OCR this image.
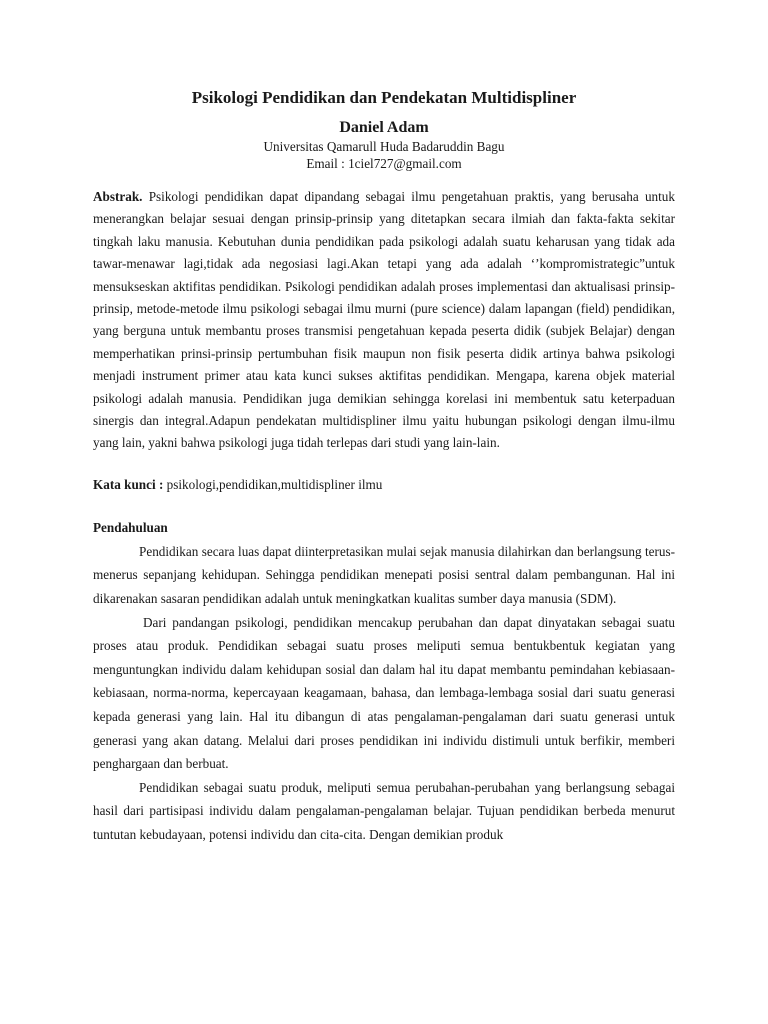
Psikologi Pendidikan dan Pendekatan Multidispliner
Daniel Adam
Universitas Qamarull Huda Badaruddin Bagu
Email : 1ciel727@gmail.com
Abstrak. Psikologi pendidikan dapat dipandang sebagai ilmu pengetahuan praktis, yang berusaha untuk menerangkan belajar sesuai dengan prinsip-prinsip yang ditetapkan secara ilmiah dan fakta-fakta sekitar tingkah laku manusia. Kebutuhan dunia pendidikan pada psikologi adalah suatu keharusan yang tidak ada tawar-menawar lagi,tidak ada negosiasi lagi.Akan tetapi yang ada adalah ‘’kompromistrategic”untuk mensukseskan aktifitas pendidikan. Psikologi pendidikan adalah proses implementasi dan aktualisasi prinsip-prinsip, metode-metode ilmu psikologi sebagai ilmu murni (pure science) dalam lapangan (field) pendidikan, yang berguna untuk membantu proses transmisi pengetahuan kepada peserta didik (subjek Belajar) dengan memperhatikan prinsi-prinsip pertumbuhan fisik maupun non fisik peserta didik artinya bahwa psikologi menjadi instrument primer atau kata kunci sukses aktifitas pendidikan. Mengapa, karena objek material psikologi adalah manusia. Pendidikan juga demikian sehingga korelasi ini membentuk satu keterpaduan sinergis dan integral.Adapun pendekatan multidispliner ilmu yaitu hubungan psikologi dengan ilmu-ilmu yang lain, yakni bahwa psikologi juga tidah terlepas dari studi yang lain-lain.
Kata kunci : psikologi,pendidikan,multidispliner ilmu
Pendahuluan

Pendidikan secara luas dapat diinterpretasikan mulai sejak manusia dilahirkan dan berlangsung terus-menerus sepanjang kehidupan. Sehingga pendidikan menepati posisi sentral dalam pembangunan. Hal ini dikarenakan sasaran pendidikan adalah untuk meningkatkan kualitas sumber daya manusia (SDM).

Dari pandangan psikologi, pendidikan mencakup perubahan dan dapat dinyatakan sebagai suatu proses atau produk. Pendidikan sebagai suatu proses meliputi semua bentukbentuk kegiatan yang menguntungkan individu dalam kehidupan sosial dan dalam hal itu dapat membantu pemindahan kebiasaan-kebiasaan, norma-norma, kepercayaan keagamaan, bahasa, dan lembaga-lembaga sosial dari suatu generasi kepada generasi yang lain. Hal itu dibangun di atas pengalaman-pengalaman dari suatu generasi untuk generasi yang akan datang. Melalui dari proses pendidikan ini individu distimuli untuk berfikir, memberi penghargaan dan berbuat.

Pendidikan sebagai suatu produk, meliputi semua perubahan-perubahan yang berlangsung sebagai hasil dari partisipasi individu dalam pengalaman-pengalaman belajar. Tujuan pendidikan berbeda menurut tuntutan kebudayaan, potensi individu dan cita-cita. Dengan demikian produk
